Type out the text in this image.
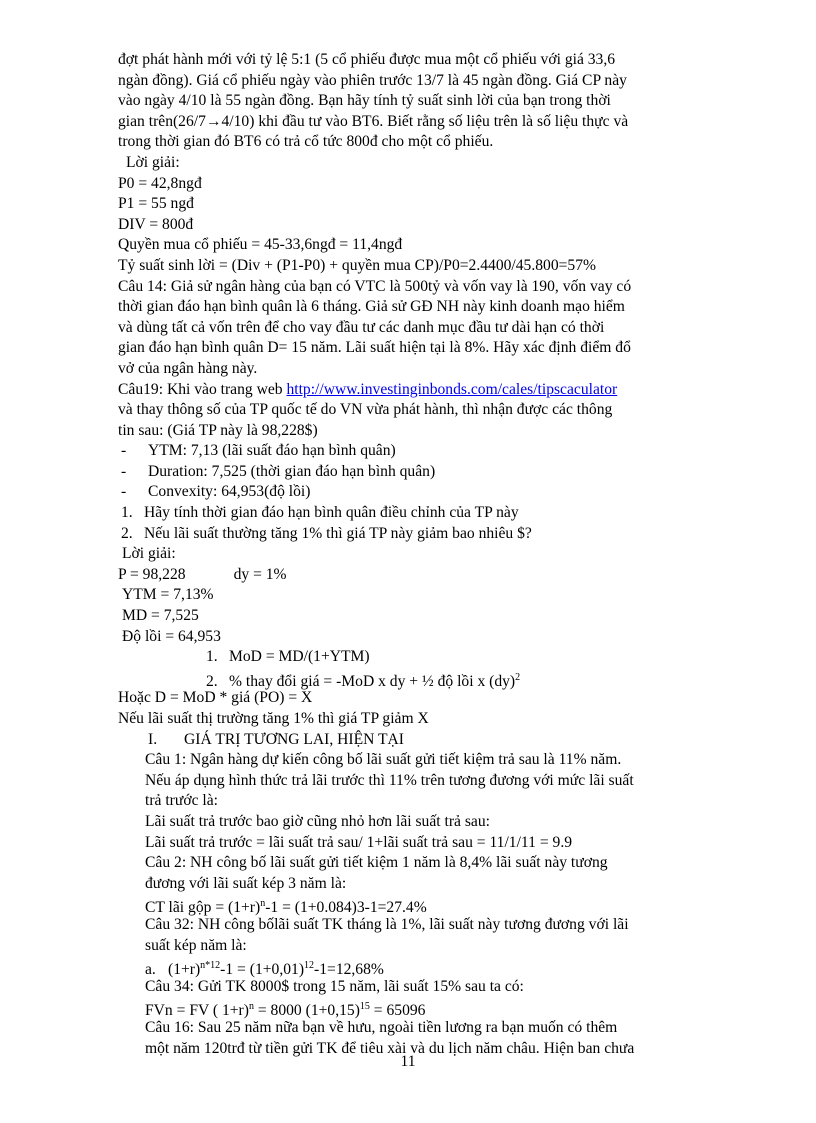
đợt phát hành mới với tỷ lệ 5:1 (5 cổ phiếu được mua một cổ phiếu với giá 33,6
ngàn đồng). Giá cổ phiếu ngày vào phiên trước 13/7 là 45 ngàn đồng. Giá CP này
vào ngày 4/10 là 55 ngàn đồng. Bạn hãy tính tỷ suất sinh lời của bạn trong thời
gian trên(26/7→4/10) khi đầu tư vào BT6. Biết rằng số liệu trên là số liệu thực và
trong thời gian đó BT6 có trả cổ tức 800đ cho một cổ phiếu.
Lời giải:
P0 = 42,8ngđ
P1 = 55 ngđ
DIV = 800đ
Quyền mua cổ phiếu = 45-33,6ngđ = 11,4ngđ
Tỷ suất sinh lời = (Div + (P1-P0) + quyền mua CP)/P0=2.4400/45.800=57%
Câu 14: Giả sử ngân hàng của bạn có VTC là 500tỷ và vốn vay là 190, vốn vay có
thời gian đáo hạn bình quân là 6 tháng. Giả sử GĐ NH này kinh doanh mạo hiểm
và dùng tất cả vốn trên để cho vay đầu tư các danh mục đầu tư dài hạn có thời
gian đáo hạn bình quân D= 15 năm. Lãi suất hiện tại là 8%. Hãy xác định điểm đổ
vở của ngân hàng này.
Câu19: Khi vào trang web http://www.investinginbonds.com/cales/tipscaculator
và thay thông số của TP quốc tế do VN vừa phát hành, thì nhận được các thông
tin sau: (Giá TP này là 98,228$)
- YTM: 7,13 (lãi suất đáo hạn bình quân)
- Duration: 7,525 (thời gian đáo hạn bình quân)
- Convexity: 64,953(độ lồi)
1. Hãy tính thời gian đáo hạn bình quân điều chỉnh của TP này
2. Nếu lãi suất thường tăng 1% thì giá TP này giảm bao nhiêu $?
Lời giải:
P = 98,228	dy = 1%
YTM = 7,13%
MD = 7,525
Độ lồi = 64,953
1. MoD = MD/(1+YTM)
2. % thay đổi giá = -MoD x dy + ½ độ lồi x (dy)$^2$
Hoặc D = MoD * giá (PO) = X
Nếu lãi suất thị trường tăng 1% thì giá TP giảm X
I. GIÁ TRỊ TƯƠNG LAI, HIỆN TẠI
Câu 1: Ngân hàng dự kiến công bố lãi suất gửi tiết kiệm trả sau là 11% năm.
Nếu áp dụng hình thức trả lãi trước thì 11% trên tương đương với mức lãi suất
trả trước là:
Lãi suất trả trước bao giờ cũng nhỏ hơn lãi suất trả sau:
Lãi suất trả trước = lãi suất trả sau/ 1+lãi suất trả sau = 11/1/11 = 9.9
Câu 2: NH công bố lãi suất gửi tiết kiệm 1 năm là 8,4% lãi suất này tương
đương với lãi suất kép 3 năm là:
CT lãi gộp = $(1+r)^n-1 = (1+0.084)3-1=27.4\%$
Câu 32: NH công bốlãi suất TK tháng là 1%, lãi suất này tương đương với lãi
suất kép năm là:
a. $(1+r)^{n*12}-1 = (1+0,01)^{12}-1=12,68\%$
Câu 34: Gửi TK 8000$ trong 15 năm, lãi suất 15% sau ta có:
FVn = FV ( 1+r)$^n$ = 8000 $(1+0,15)^{15} = 65096$
Câu 16: Sau 25 năm nữa bạn về hưu, ngoài tiền lương ra bạn muốn có thêm
một năm 120trđ từ tiền gửi TK để tiêu xài và du lịch năm châu. Hiện ban chưa
11
